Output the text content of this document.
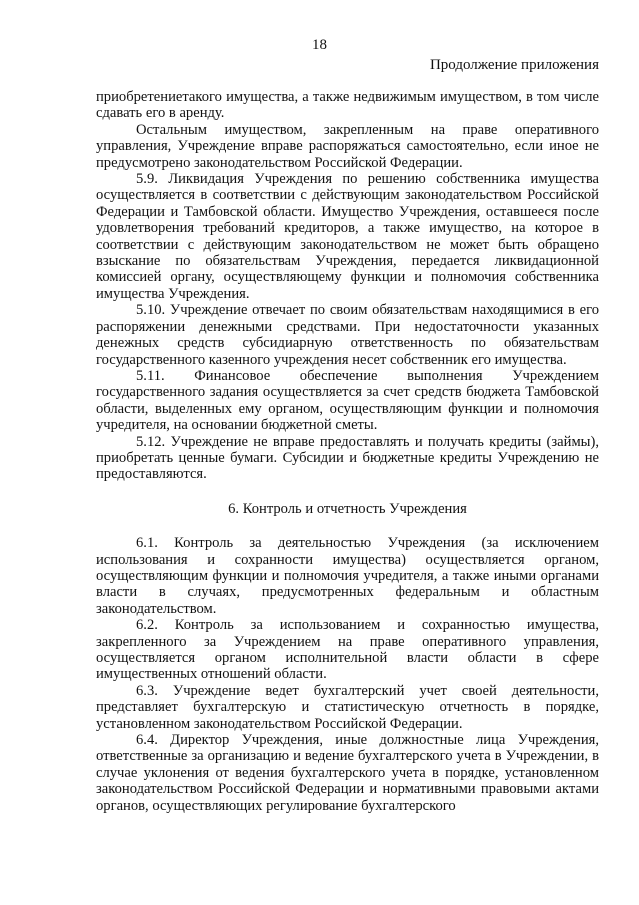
18
Продолжение приложения

приобретениетакого имущества, а также недвижимым имуществом, в том числе сдавать его в аренду.

Остальным имуществом, закрепленным на праве оперативного управления, Учреждение вправе распоряжаться самостоятельно, если иное не предусмотрено законодательством Российской Федерации.

5.9. Ликвидация Учреждения по решению собственника имущества осуществляется в соответствии с действующим законодательством Российской Федерации и Тамбовской области. Имущество Учреждения, оставшееся после удовлетворения требований кредиторов, а также имущество, на которое в соответствии с действующим законодательством не может быть обращено взыскание по обязательствам Учреждения, передается ликвидационной комиссией органу, осуществляющему функции и полномочия собственника имущества Учреждения.

5.10. Учреждение отвечает по своим обязательствам находящимися в его распоряжении денежными средствами. При недостаточности указанных денежных средств субсидиарную ответственность по обязательствам государственного казенного учреждения несет собственник его имущества.

5.11. Финансовое обеспечение выполнения Учреждением государственного задания осуществляется за счет средств бюджета Тамбовской области, выделенных ему органом, осуществляющим функции и полномочия учредителя, на основании бюджетной сметы.

5.12. Учреждение не вправе предоставлять и получать кредиты (займы), приобретать ценные бумаги. Субсидии и бюджетные кредиты Учреждению не предоставляются.

6. Контроль и отчетность Учреждения

6.1. Контроль за деятельностью Учреждения (за исключением использования и сохранности имущества) осуществляется органом, осуществляющим функции и полномочия учредителя, а также иными органами власти в случаях, предусмотренных федеральным и областным законодательством.

6.2. Контроль за использованием и сохранностью имущества, закрепленного за Учреждением на праве оперативного управления, осуществляется органом исполнительной власти области в сфере имущественных отношений области.

6.3. Учреждение ведет бухгалтерский учет своей деятельности, представляет бухгалтерскую и статистическую отчетность в порядке, установленном законодательством Российской Федерации.

6.4. Директор Учреждения, иные должностные лица Учреждения, ответственные за организацию и ведение бухгалтерского учета в Учреждении, в случае уклонения от ведения бухгалтерского учета в порядке, установленном законодательством Российской Федерации и нормативными правовыми актами органов, осуществляющих регулирование бухгалтерского
